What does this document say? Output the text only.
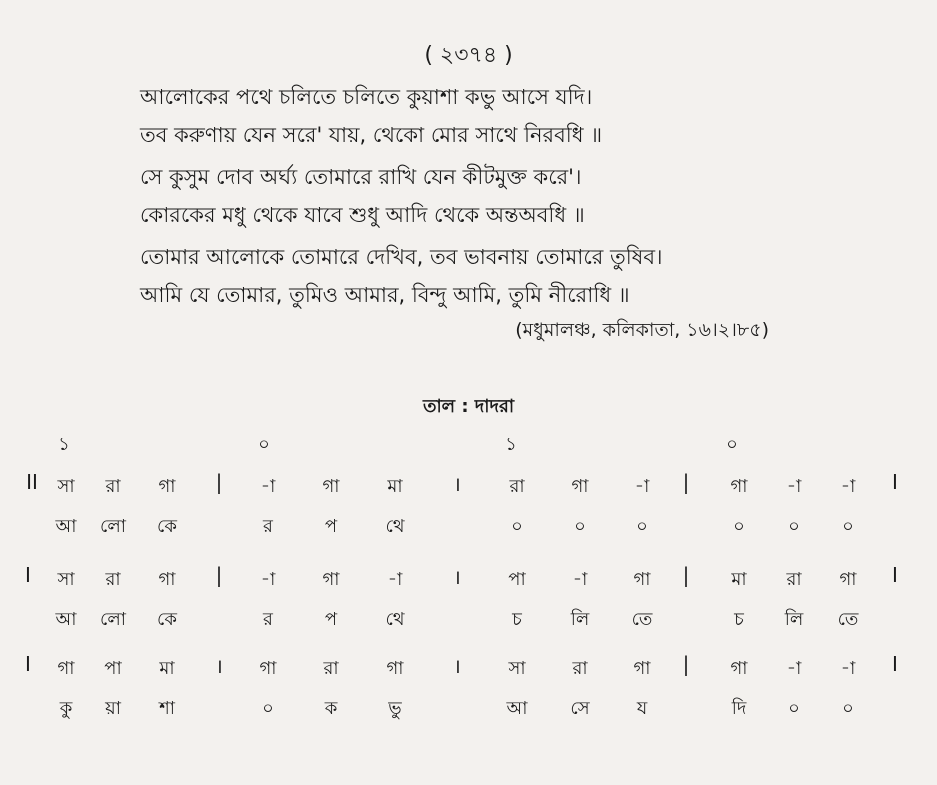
( ২৩৭৪ )
আলোকের পথে চলিতে চলিতে কুয়াশা কভু আসে যদি।
তব করুণায় যেন সরে' যায়, থেকো মোর সাথে নিরবধি ॥
সে কুসুম দোব অর্ঘ্য তোমারে রাখি যেন কীটমুক্ত করে'।
কোরকের মধু থেকে যাবে শুধু আদি থেকে অন্তঅবধি ॥
তোমার আলোকে তোমারে দেখিব, তব ভাবনায় তোমারে তুষিব।
আমি যে তোমার, তুমিও আমার, বিন্দু আমি, তুমি নীরোধি ॥
(মধুমালঞ্চ, কলিকাতা, ১৬।২।৮৫)
তাল : দাদরা
১	০	১	০
II সা রা গা | -া	গা	মা	।	রা	গা	-া | গা -া -া I
আ লো কে	র	প	থে	০	০	০	০ ০ ০
I সা রা গা | -া	গা	-া	।	পা	-া	গা | মা রা গা I
আ লো কে	র	প	থে	চ	লি তে	চ লি তে
I গা পা মা । গা	রা	গা ।	সা	রা	গা | গা -া -া I
কু য়া শা	০	ক	ভু	আ সে	য	দি ০ ০
